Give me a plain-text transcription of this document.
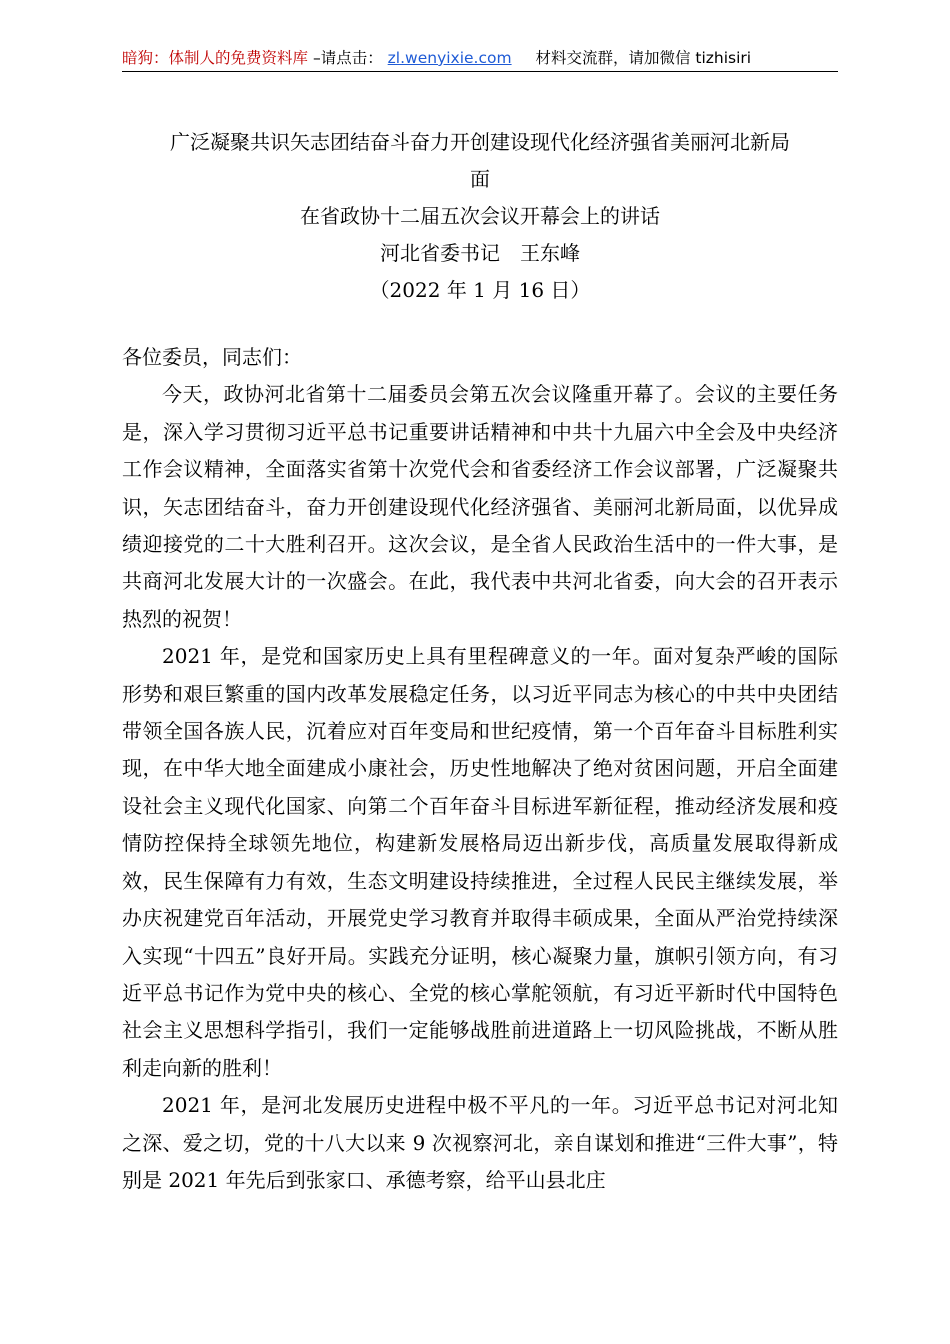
暗狗：体制人的免费资料库 –请点击： zl.wenyixie.com 材料交流群，请加微信 tizhisiri
广泛凝聚共识矢志团结奋斗奋力开创建设现代化经济强省美丽河北新局
面
在省政协十二届五次会议开幕会上的讲话
河北省委书记　王东峰
（2022 年 1 月 16 日）

各位委员，同志们：

今天，政协河北省第十二届委员会第五次会议隆重开幕了。会议的主要任务是，深入学习贯彻习近平总书记重要讲话精神和中共十九届六中全会及中央经济工作会议精神，全面落实省第十次党代会和省委经济工作会议部署，广泛凝聚共识，矢志团结奋斗，奋力开创建设现代化经济强省、美丽河北新局面，以优异成绩迎接党的二十大胜利召开。这次会议，是全省人民政治生活中的一件大事，是共商河北发展大计的一次盛会。在此，我代表中共河北省委，向大会的召开表示热烈的祝贺！

2021 年，是党和国家历史上具有里程碑意义的一年。面对复杂严峻的国际形势和艰巨繁重的国内改革发展稳定任务，以习近平同志为核心的中共中央团结带领全国各族人民，沉着应对百年变局和世纪疫情，第一个百年奋斗目标胜利实现，在中华大地全面建成小康社会，历史性地解决了绝对贫困问题，开启全面建设社会主义现代化国家、向第二个百年奋斗目标进军新征程，推动经济发展和疫情防控保持全球领先地位，构建新发展格局迈出新步伐，高质量发展取得新成效，民生保障有力有效，生态文明建设持续推进，全过程人民民主继续发展，举办庆祝建党百年活动，开展党史学习教育并取得丰硕成果，全面从严治党持续深入实现“十四五”良好开局。实践充分证明，核心凝聚力量，旗帜引领方向，有习近平总书记作为党中央的核心、全党的核心掌舵领航，有习近平新时代中国特色社会主义思想科学指引，我们一定能够战胜前进道路上一切风险挑战，不断从胜利走向新的胜利！

2021 年，是河北发展历史进程中极不平凡的一年。习近平总书记对河北知之深、爱之切，党的十八大以来 9 次视察河北，亲自谋划和推进“三件大事”，特别是 2021 年先后到张家口、承德考察，给平山县北庄
